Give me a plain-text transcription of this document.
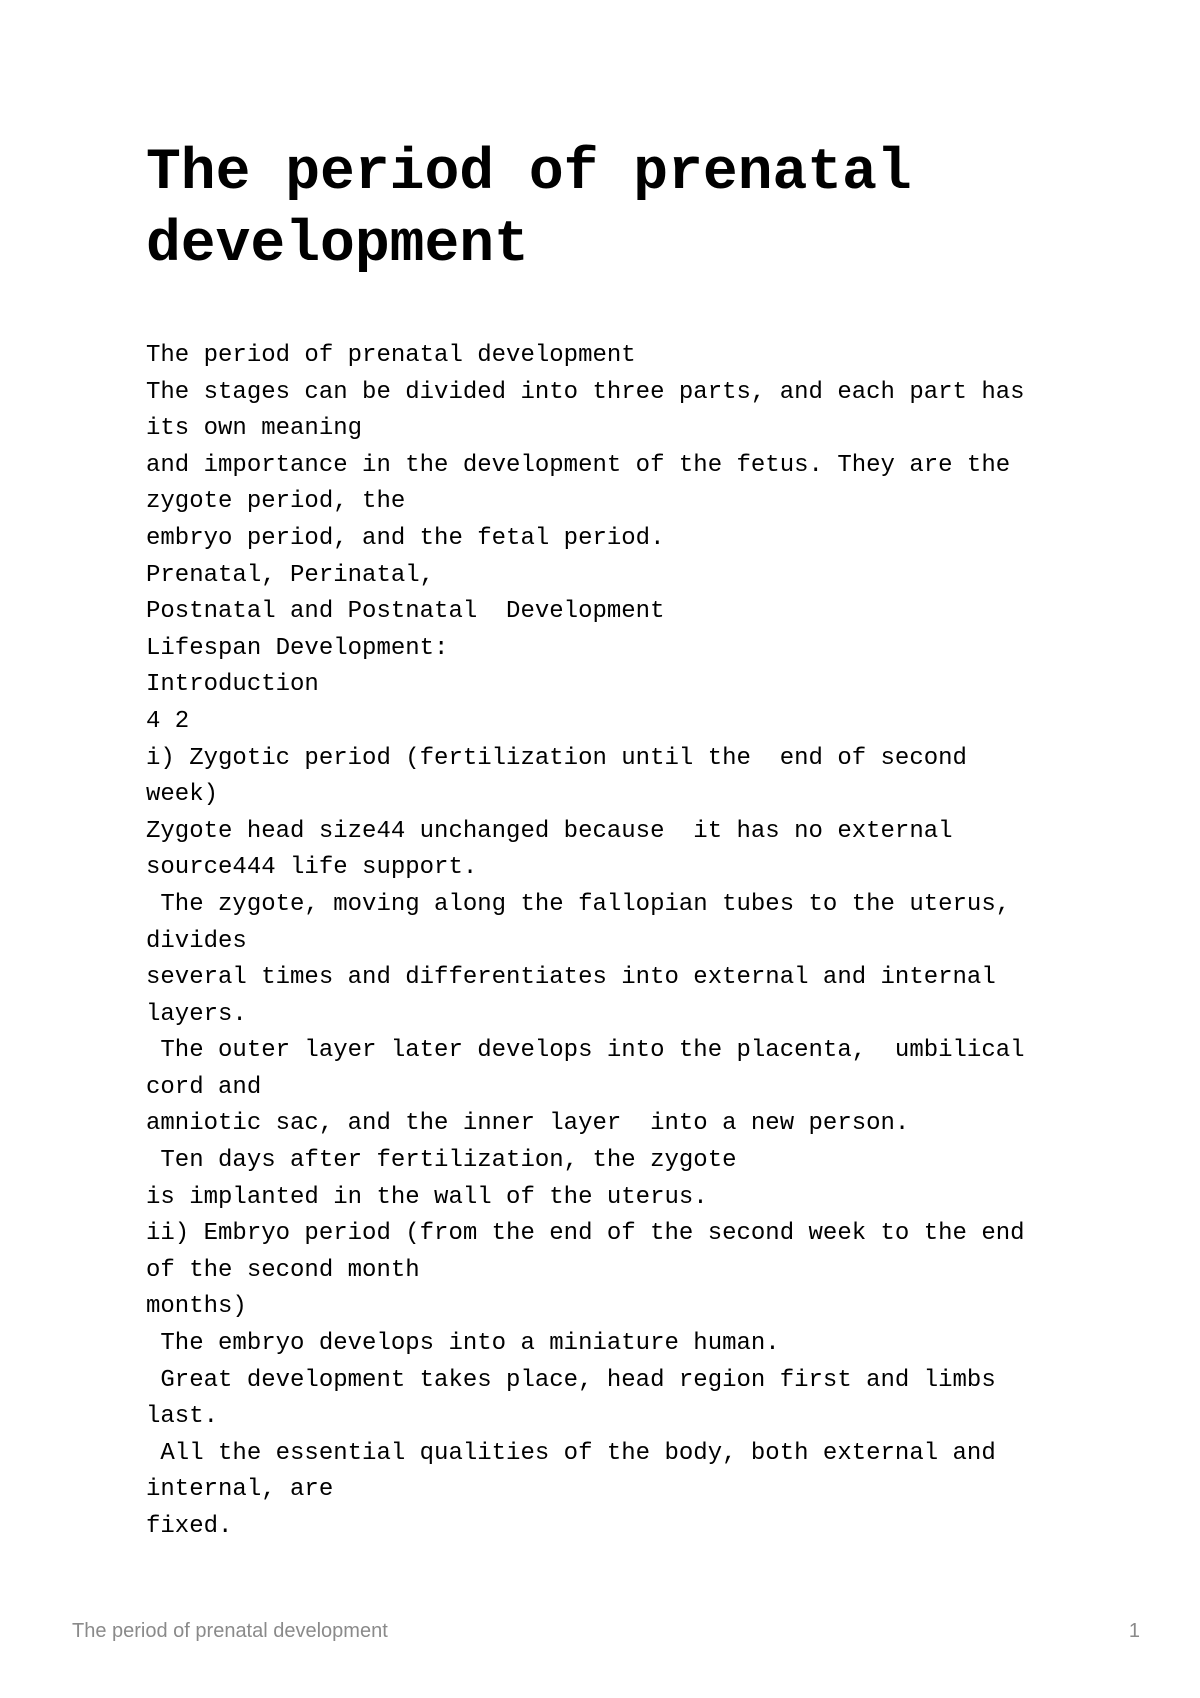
The period of prenatal development
The period of prenatal development
The stages can be divided into three parts, and each part has
its own meaning
and importance in the development of the fetus. They are the
zygote period, the
embryo period, and the fetal period.
Prenatal, Perinatal,
Postnatal and Postnatal  Development
Lifespan Development:
Introduction
4 2
i) Zygotic period (fertilization until the  end of second
week)
Zygote head size44 unchanged because  it has no external
source444 life support.
The zygote, moving along the fallopian tubes to the uterus,
divides
several times and differentiates into external and internal
layers.
The outer layer later develops into the placenta,  umbilical
cord and
amniotic sac, and the inner layer  into a new person.
Ten days after fertilization, the zygote
is implanted in the wall of the uterus.
ii) Embryo period (from the end of the second week to the end
of the second month
months)
The embryo develops into a miniature human.
Great development takes place, head region first and limbs
last.
All the essential qualities of the body, both external and
internal, are
fixed.
The period of prenatal development	1
